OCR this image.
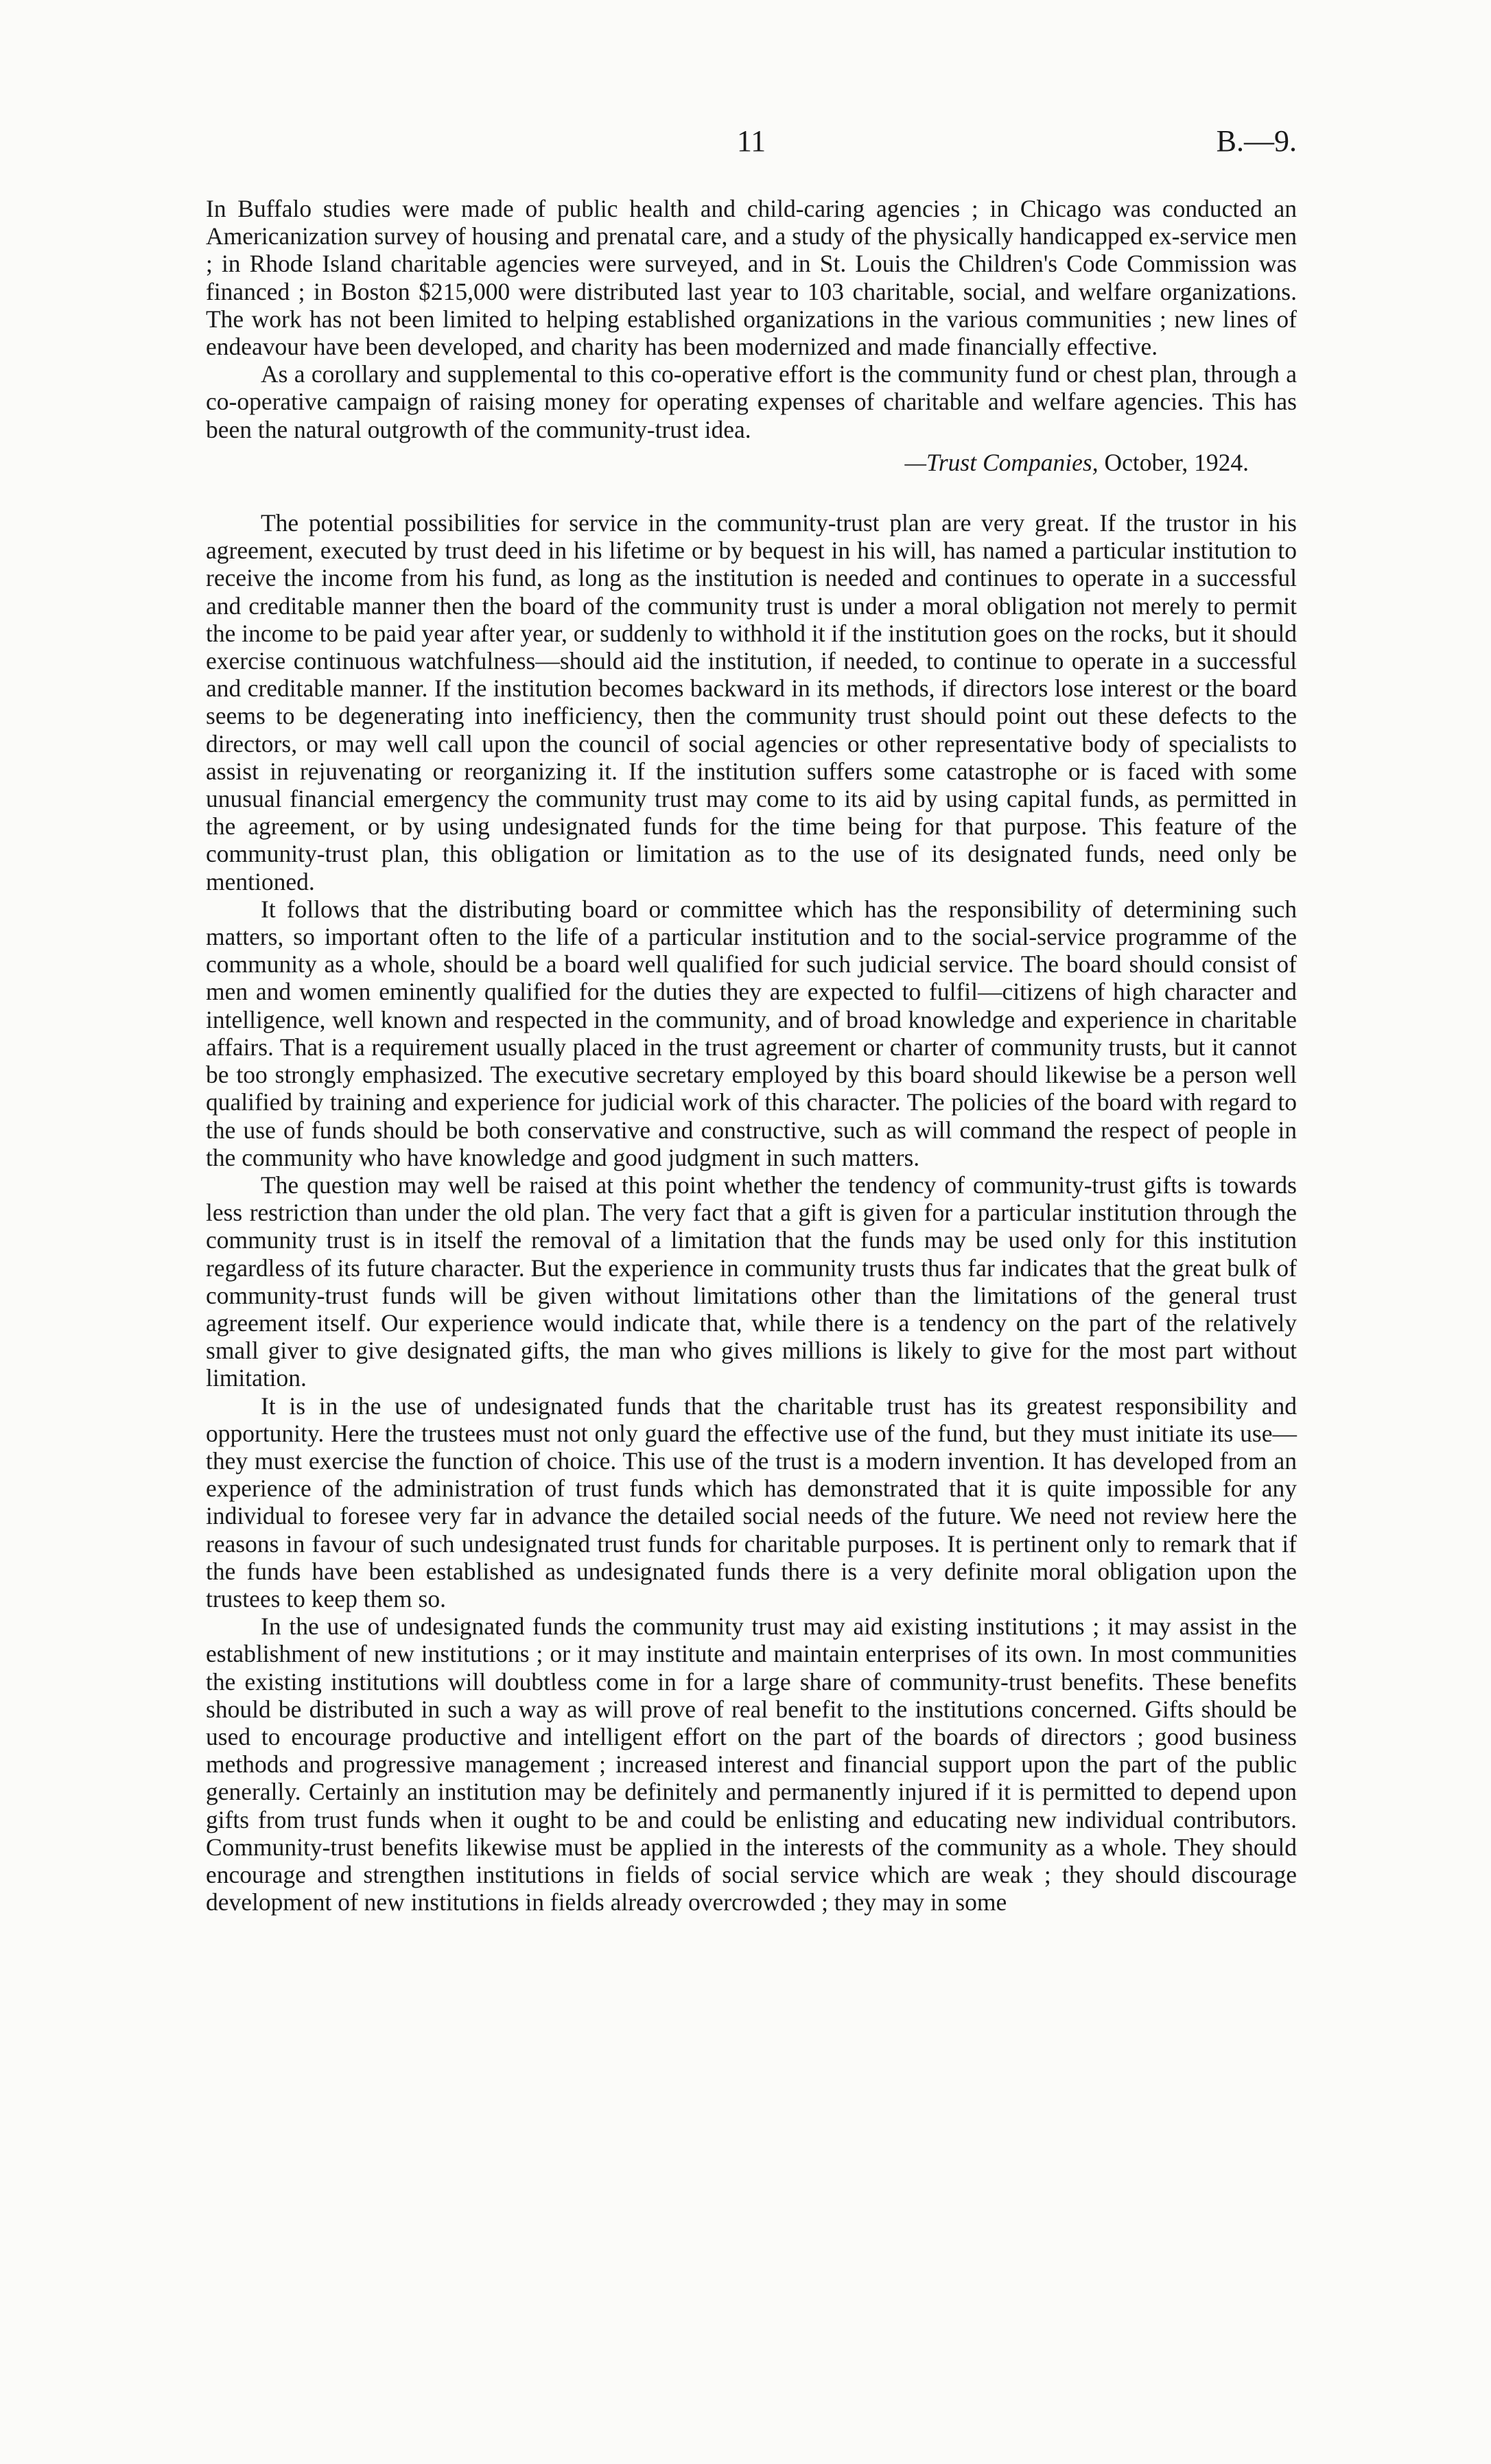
11	B.—9.

In Buffalo studies were made of public health and child-caring agencies ; in Chicago was conducted an Americanization survey of housing and prenatal care, and a study of the physically handicapped ex-service men ; in Rhode Island charitable agencies were surveyed, and in St. Louis the Children's Code Commission was financed ; in Boston $215,000 were distributed last year to 103 charitable, social, and welfare organizations. The work has not been limited to helping established organizations in the various communities ; new lines of endeavour have been developed, and charity has been modernized and made financially effective.

As a corollary and supplemental to this co-operative effort is the community fund or chest plan, through a co-operative campaign of raising money for operating expenses of charitable and welfare agencies. This has been the natural outgrowth of the community-trust idea.

—Trust Companies, October, 1924.

The potential possibilities for service in the community-trust plan are very great. If the trustor in his agreement, executed by trust deed in his lifetime or by bequest in his will, has named a particular institution to receive the income from his fund, as long as the institution is needed and continues to operate in a successful and creditable manner then the board of the community trust is under a moral obligation not merely to permit the income to be paid year after year, or suddenly to withhold it if the institution goes on the rocks, but it should exercise continuous watchfulness—should aid the institution, if needed, to continue to operate in a successful and creditable manner. If the institution becomes backward in its methods, if directors lose interest or the board seems to be degenerating into inefficiency, then the community trust should point out these defects to the directors, or may well call upon the council of social agencies or other representative body of specialists to assist in rejuvenating or reorganizing it. If the institution suffers some catastrophe or is faced with some unusual financial emergency the community trust may come to its aid by using capital funds, as permitted in the agreement, or by using undesignated funds for the time being for that purpose. This feature of the community-trust plan, this obligation or limitation as to the use of its designated funds, need only be mentioned.

It follows that the distributing board or committee which has the responsibility of determining such matters, so important often to the life of a particular institution and to the social-service programme of the community as a whole, should be a board well qualified for such judicial service. The board should consist of men and women eminently qualified for the duties they are expected to fulfil—citizens of high character and intelligence, well known and respected in the community, and of broad knowledge and experience in charitable affairs. That is a requirement usually placed in the trust agreement or charter of community trusts, but it cannot be too strongly emphasized. The executive secretary employed by this board should likewise be a person well qualified by training and experience for judicial work of this character. The policies of the board with regard to the use of funds should be both conservative and constructive, such as will command the respect of people in the community who have knowledge and good judgment in such matters.

The question may well be raised at this point whether the tendency of community-trust gifts is towards less restriction than under the old plan. The very fact that a gift is given for a particular institution through the community trust is in itself the removal of a limitation that the funds may be used only for this institution regardless of its future character. But the experience in community trusts thus far indicates that the great bulk of community-trust funds will be given without limitations other than the limitations of the general trust agreement itself. Our experience would indicate that, while there is a tendency on the part of the relatively small giver to give designated gifts, the man who gives millions is likely to give for the most part without limitation.

It is in the use of undesignated funds that the charitable trust has its greatest responsibility and opportunity. Here the trustees must not only guard the effective use of the fund, but they must initiate its use—they must exercise the function of choice. This use of the trust is a modern invention. It has developed from an experience of the administration of trust funds which has demonstrated that it is quite impossible for any individual to foresee very far in advance the detailed social needs of the future. We need not review here the reasons in favour of such undesignated trust funds for charitable purposes. It is pertinent only to remark that if the funds have been established as undesignated funds there is a very definite moral obligation upon the trustees to keep them so.

In the use of undesignated funds the community trust may aid existing institutions ; it may assist in the establishment of new institutions ; or it may institute and maintain enterprises of its own. In most communities the existing institutions will doubtless come in for a large share of community-trust benefits. These benefits should be distributed in such a way as will prove of real benefit to the institutions concerned. Gifts should be used to encourage productive and intelligent effort on the part of the boards of directors ; good business methods and progressive management ; increased interest and financial support upon the part of the public generally. Certainly an institution may be definitely and permanently injured if it is permitted to depend upon gifts from trust funds when it ought to be and could be enlisting and educating new individual contributors. Community-trust benefits likewise must be applied in the interests of the community as a whole. They should encourage and strengthen institutions in fields of social service which are weak ; they should discourage development of new institutions in fields already overcrowded ; they may in some
